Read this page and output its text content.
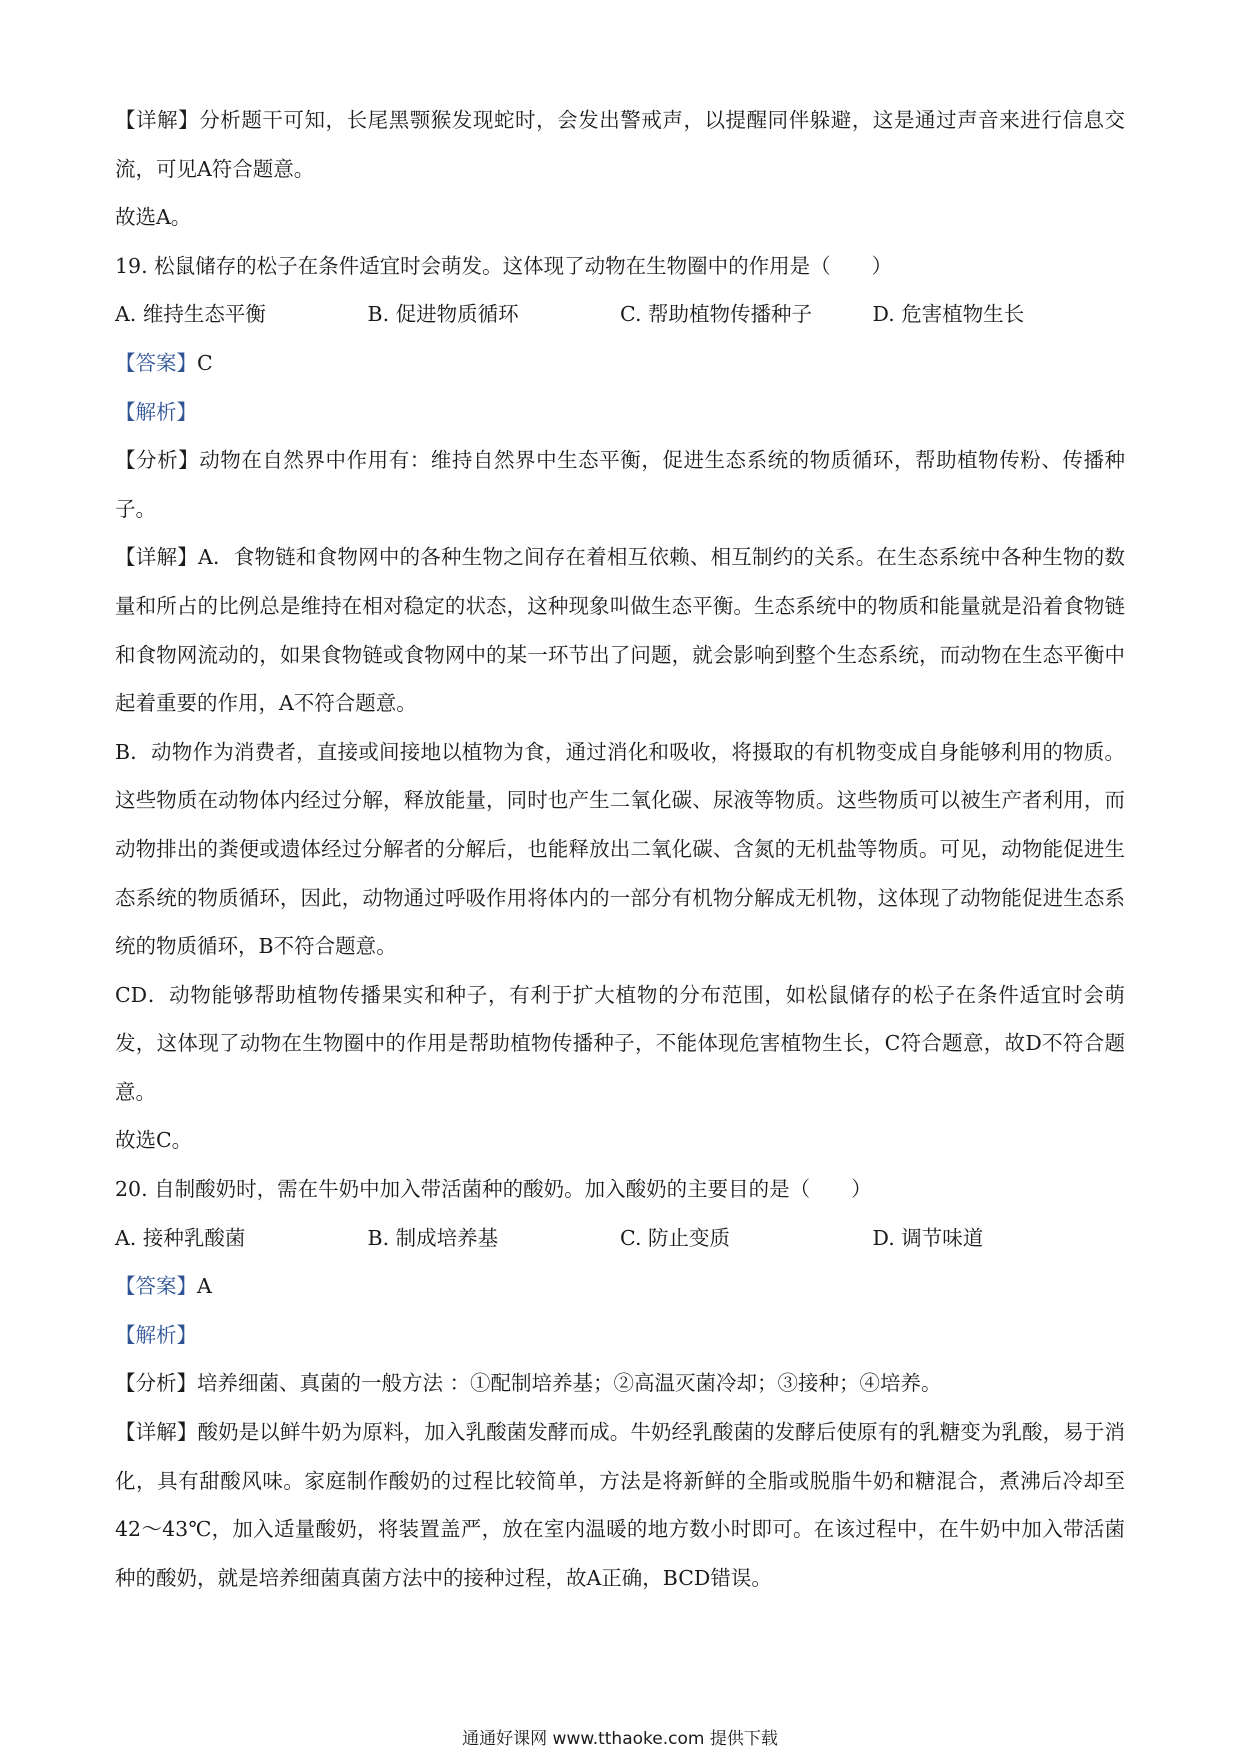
【详解】分析题干可知，长尾黑颚猴发现蛇时，会发出警戒声，以提醒同伴躲避，这是通过声音来进行信息交流，可见A符合题意。
故选A。
19. 松鼠储存的松子在条件适宜时会萌发。这体现了动物在生物圈中的作用是（　　）
A. 维持生态平衡	B. 促进物质循环	C. 帮助植物传播种子	D. 危害植物生长
【答案】C
【解析】
【分析】动物在自然界中作用有：维持自然界中生态平衡，促进生态系统的物质循环，帮助植物传粉、传播种子。
【详解】A．食物链和食物网中的各种生物之间存在着相互依赖、相互制约的关系。在生态系统中各种生物的数量和所占的比例总是维持在相对稳定的状态，这种现象叫做生态平衡。生态系统中的物质和能量就是沿着食物链和食物网流动的，如果食物链或食物网中的某一环节出了问题，就会影响到整个生态系统，而动物在生态平衡中起着重要的作用，A不符合题意。
B．动物作为消费者，直接或间接地以植物为食，通过消化和吸收，将摄取的有机物变成自身能够利用的物质。这些物质在动物体内经过分解，释放能量，同时也产生二氧化碳、尿液等物质。这些物质可以被生产者利用，而动物排出的粪便或遗体经过分解者的分解后，也能释放出二氧化碳、含氮的无机盐等物质。可见，动物能促进生态系统的物质循环，因此，动物通过呼吸作用将体内的一部分有机物分解成无机物，这体现了动物能促进生态系统的物质循环，B不符合题意。
CD．动物能够帮助植物传播果实和种子，有利于扩大植物的分布范围，如松鼠储存的松子在条件适宜时会萌发，这体现了动物在生物圈中的作用是帮助植物传播种子，不能体现危害植物生长，C符合题意，故D不符合题意。
故选C。
20. 自制酸奶时，需在牛奶中加入带活菌种的酸奶。加入酸奶的主要目的是（　　）
A. 接种乳酸菌	B. 制成培养基	C. 防止变质	D. 调节味道
【答案】A
【解析】
【分析】培养细菌、真菌的一般方法 ：①配制培养基；②高温灭菌冷却；③接种；④培养。
【详解】酸奶是以鲜牛奶为原料，加入乳酸菌发酵而成。牛奶经乳酸菌的发酵后使原有的乳糖变为乳酸，易于消化，具有甜酸风味。家庭制作酸奶的过程比较简单，方法是将新鲜的全脂或脱脂牛奶和糖混合，煮沸后冷却至42～43℃，加入适量酸奶，将装置盖严，放在室内温暖的地方数小时即可。在该过程中，在牛奶中加入带活菌种的酸奶，就是培养细菌真菌方法中的接种过程，故A正确，BCD错误。
通通好课网 www.tthaoke.com 提供下载
